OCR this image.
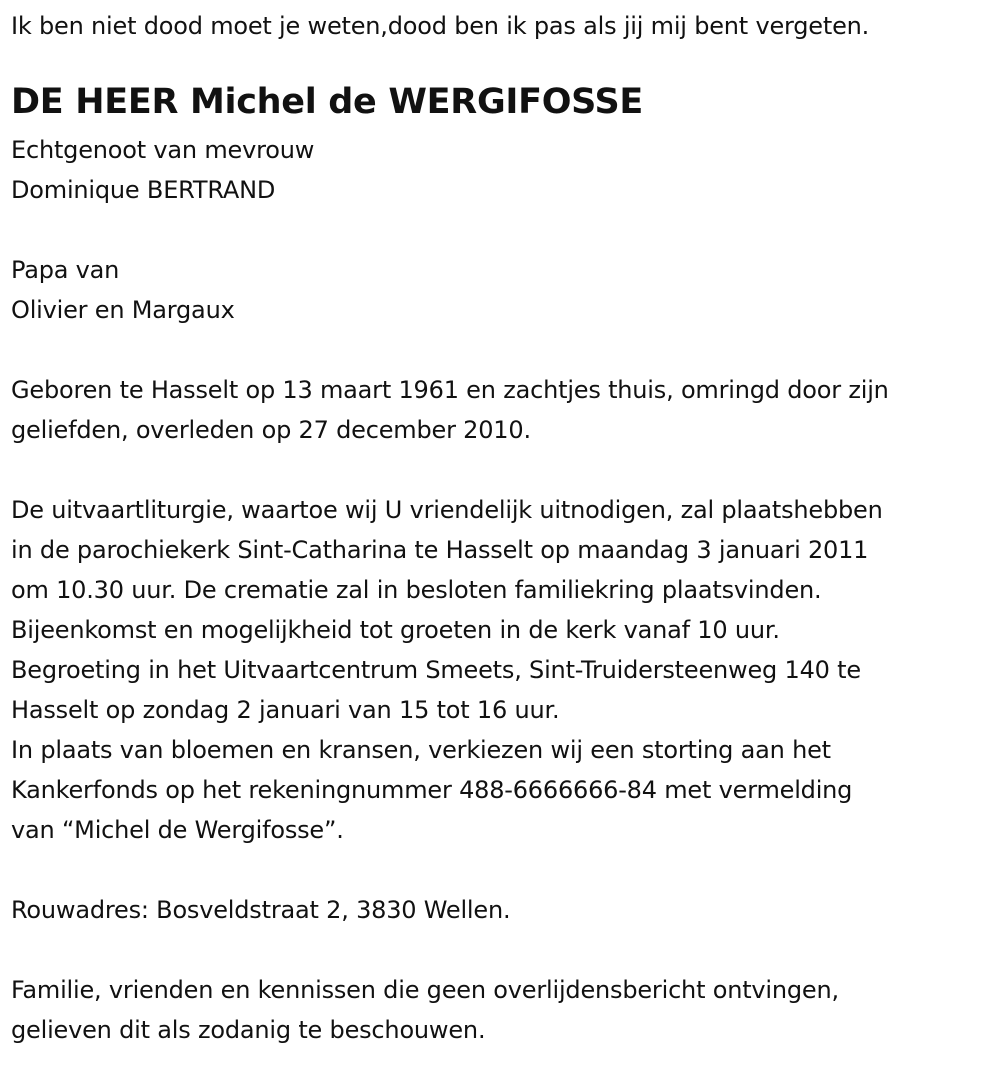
Ik ben niet dood moet je weten,dood ben ik pas als jij mij bent vergeten.
DE HEER Michel de WERGIFOSSE
Echtgenoot van mevrouw
Dominique BERTRAND
Papa van
Olivier en Margaux
Geboren te Hasselt op 13 maart 1961 en zachtjes thuis, omringd door zijn
geliefden, overleden op 27 december 2010.
De uitvaartliturgie, waartoe wij U vriendelijk uitnodigen, zal plaatshebben
in de parochiekerk Sint-Catharina te Hasselt op maandag 3 januari 2011
om 10.30 uur. De crematie zal in besloten familiekring plaatsvinden.
Bijeenkomst en mogelijkheid tot groeten in de kerk vanaf 10 uur.
Begroeting in het Uitvaartcentrum Smeets, Sint-Truidersteenweg 140 te
Hasselt op zondag 2 januari van 15 tot 16 uur.
In plaats van bloemen en kransen, verkiezen wij een storting aan het
Kankerfonds op het rekeningnummer 488-6666666-84 met vermelding
van “Michel de Wergifosse”.
Rouwadres: Bosveldstraat 2, 3830 Wellen.
Familie, vrienden en kennissen die geen overlijdensbericht ontvingen,
gelieven dit als zodanig te beschouwen.
